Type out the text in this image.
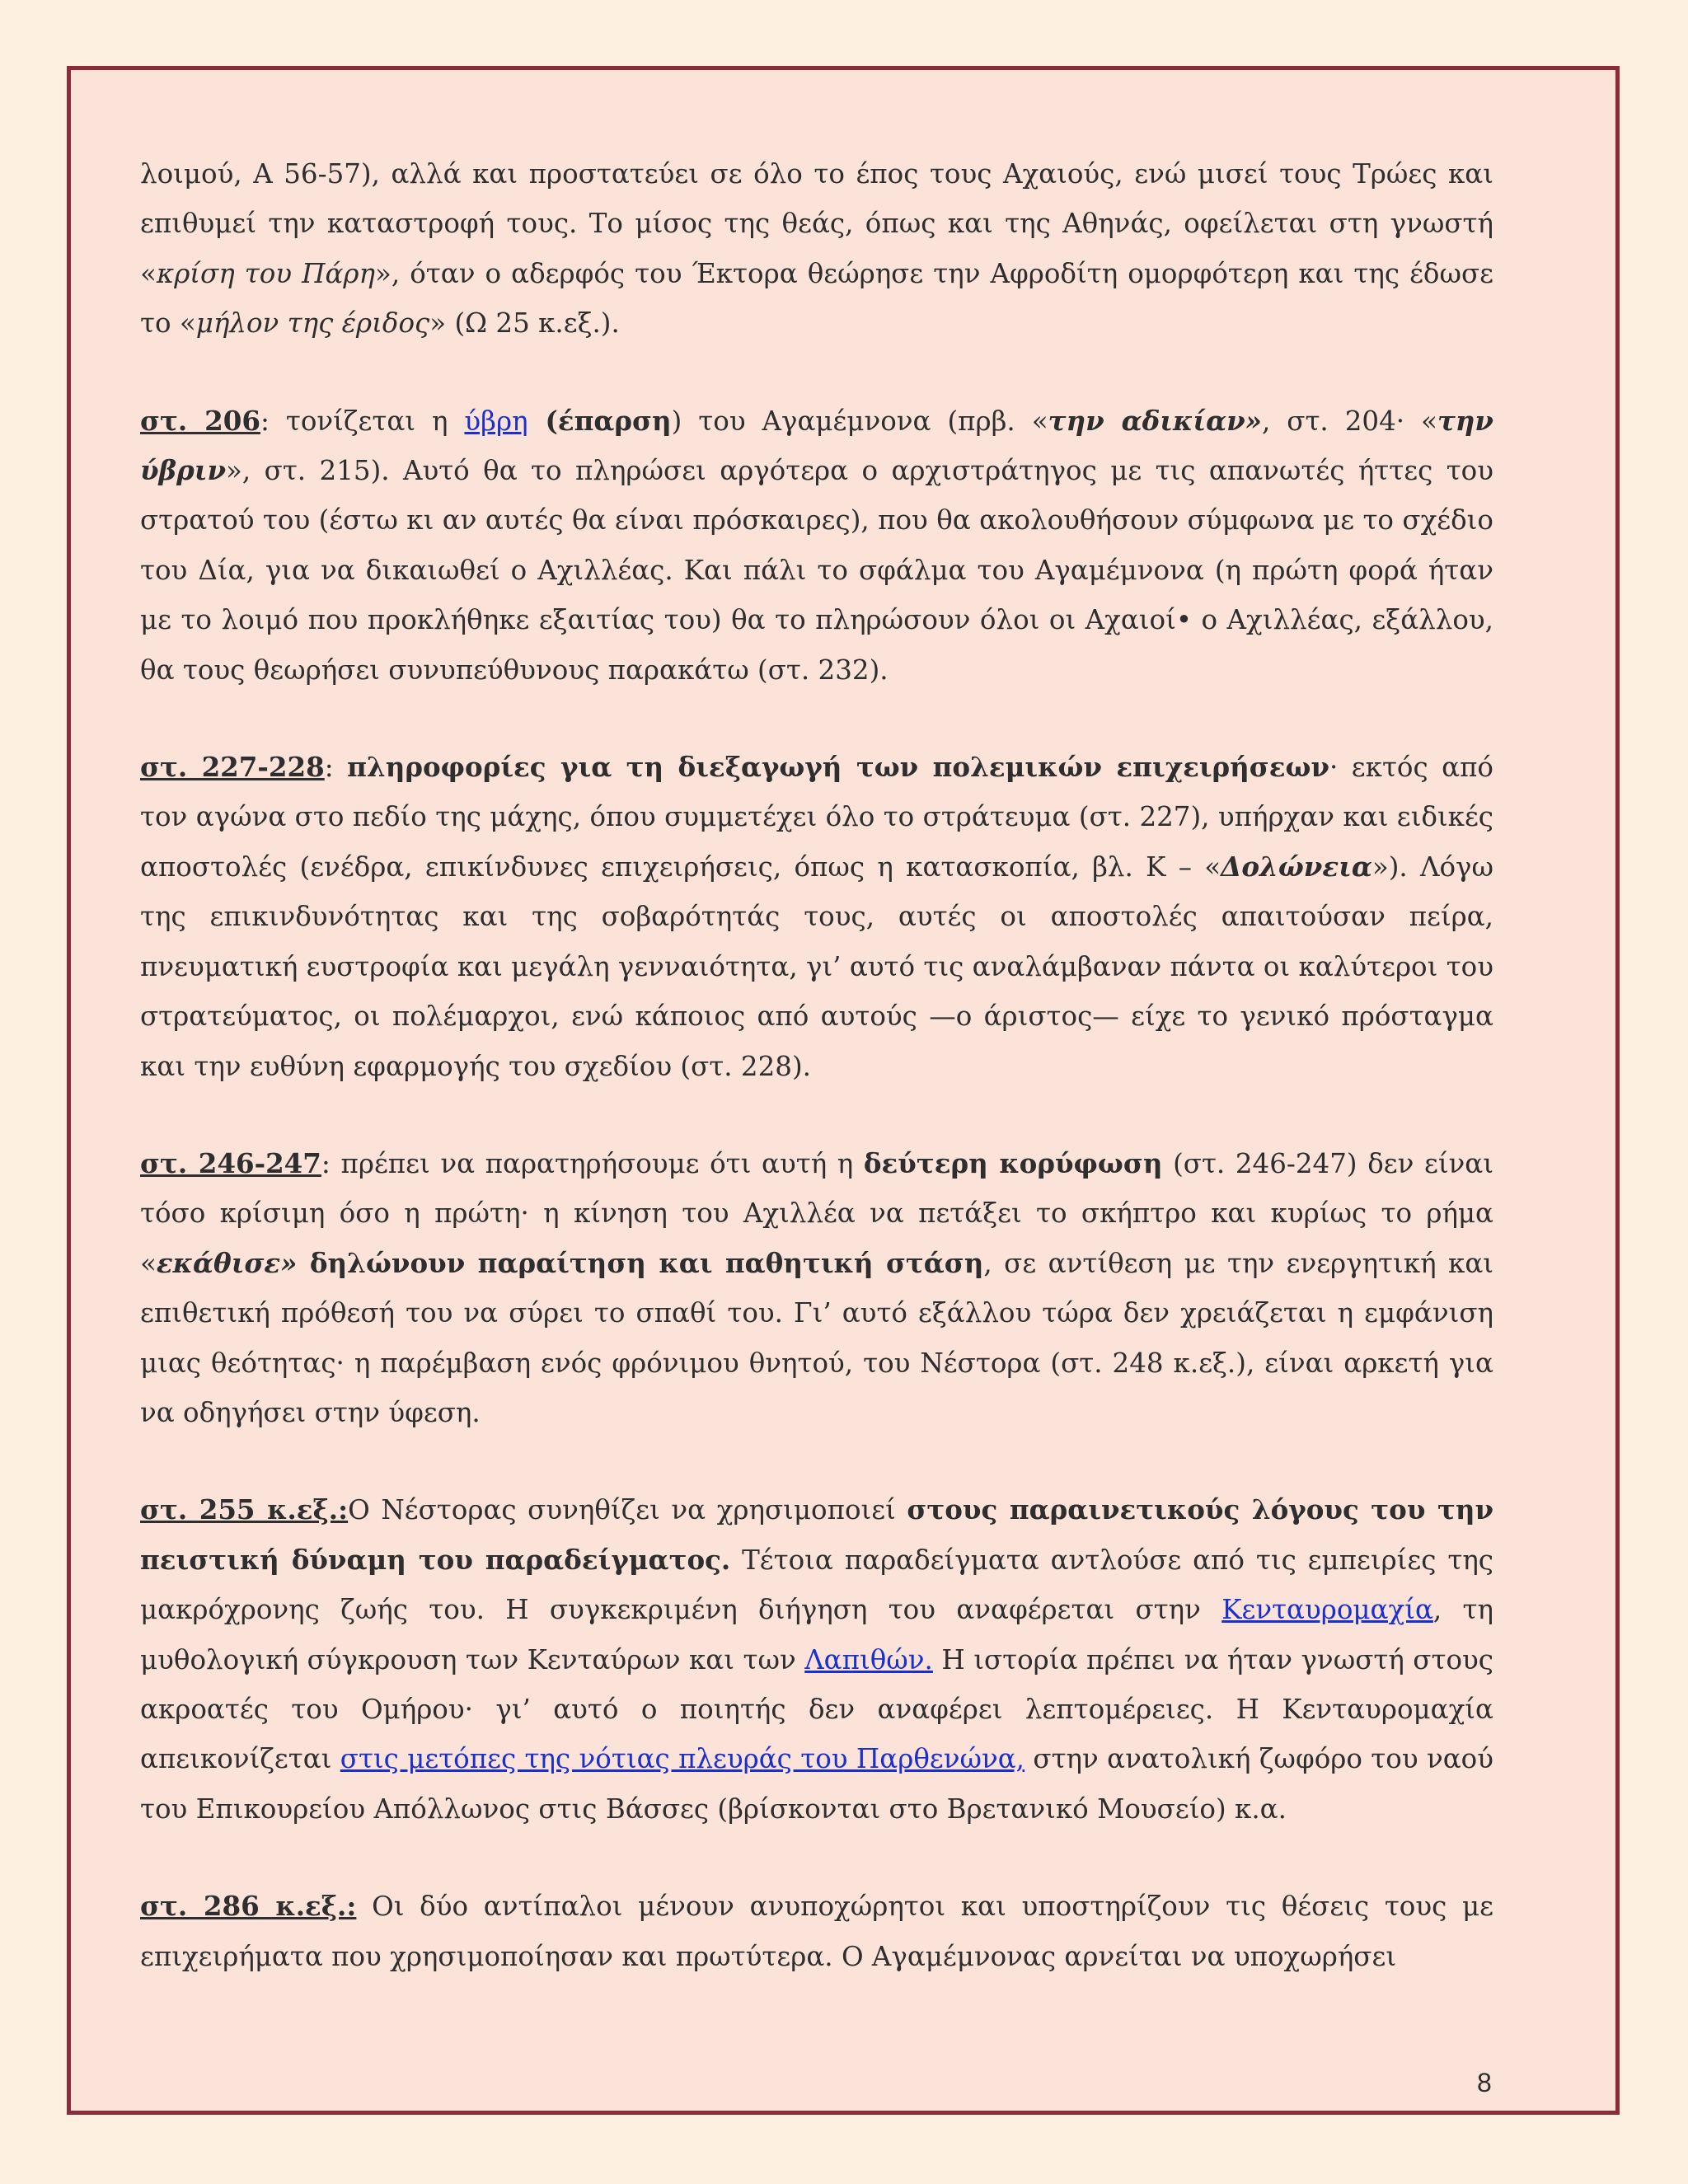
λοιμού, Α 56-57), αλλά και προστατεύει σε όλο το έπος τους Αχαιούς, ενώ μισεί τους Τρώες και επιθυμεί την καταστροφή τους. Το μίσος της θεάς, όπως και της Αθηνάς, οφείλεται στη γνωστή «κρίση του Πάρη», όταν ο αδερφός του Έκτορα θεώρησε την Αφροδίτη ομορφότερη και της έδωσε το «μήλον της έριδος» (Ω 25 κ.εξ.).

στ. 206: τονίζεται η ύβρη (έπαρση) του Αγαμέμνονα (πρβ. «την αδικίαν», στ. 204· «την ύβριν», στ. 215). Αυτό θα το πληρώσει αργότερα ο αρχιστράτηγος με τις απανωτές ήττες του στρατού του (έστω κι αν αυτές θα είναι πρόσκαιρες), που θα ακολουθήσουν σύμφωνα με το σχέδιο του Δία, για να δικαιωθεί ο Αχιλλέας. Και πάλι το σφάλμα του Αγαμέμνονα (η πρώτη φορά ήταν με το λοιμό που προκλήθηκε εξαιτίας του) θα το πληρώσουν όλοι οι Αχαιοί• ο Αχιλλέας, εξάλλου, θα τους θεωρήσει συνυπεύθυνους παρακάτω (στ. 232).

στ. 227-228: πληροφορίες για τη διεξαγωγή των πολεμικών επιχειρήσεων· εκτός από τον αγώνα στο πεδίο της μάχης, όπου συμμετέχει όλο το στράτευμα (στ. 227), υπήρχαν και ειδικές αποστολές (ενέδρα, επικίνδυνες επιχειρήσεις, όπως η κατασκοπία, βλ. Κ – «Δολώνεια»). Λόγω της επικινδυνότητας και της σοβαρότητάς τους, αυτές οι αποστολές απαιτούσαν πείρα, πνευματική ευστροφία και μεγάλη γενναιότητα, γι’ αυτό τις αναλάμβαναν πάντα οι καλύτεροι του στρατεύματος, οι πολέμαρχοι, ενώ κάποιος από αυτούς —ο άριστος— είχε το γενικό πρόσταγμα και την ευθύνη εφαρμογής του σχεδίου (στ. 228).

στ. 246-247: πρέπει να παρατηρήσουμε ότι αυτή η δεύτερη κορύφωση (στ. 246-247) δεν είναι τόσο κρίσιμη όσο η πρώτη· η κίνηση του Αχιλλέα να πετάξει το σκήπτρο και κυρίως το ρήμα «εκάθισε» δηλώνουν παραίτηση και παθητική στάση, σε αντίθεση με την ενεργητική και επιθετική πρόθεσή του να σύρει το σπαθί του. Γι’ αυτό εξάλλου τώρα δεν χρειάζεται η εμφάνιση μιας θεότητας· η παρέμβαση ενός φρόνιμου θνητού, του Νέστορα (στ. 248 κ.εξ.), είναι αρκετή για να οδηγήσει στην ύφεση.

στ. 255 κ.εξ.:Ο Νέστορας συνηθίζει να χρησιμοποιεί στους παραινετικούς λόγους του την πειστική δύναμη του παραδείγματος. Τέτοια παραδείγματα αντλούσε από τις εμπειρίες της μακρόχρονης ζωής του. Η συγκεκριμένη διήγηση του αναφέρεται στην Κενταυρομαχία, τη μυθολογική σύγκρουση των Κενταύρων και των Λαπιθών. Η ιστορία πρέπει να ήταν γνωστή στους ακροατές του Ομήρου· γι’ αυτό ο ποιητής δεν αναφέρει λεπτομέρειες. Η Κενταυρομαχία απεικονίζεται στις μετόπες της νότιας πλευράς του Παρθενώνα, στην ανατολική ζωφόρο του ναού του Επικουρείου Απόλλωνος στις Βάσσες (βρίσκονται στο Βρετανικό Μουσείο) κ.α.

στ. 286 κ.εξ.: Οι δύο αντίπαλοι μένουν ανυποχώρητοι και υποστηρίζουν τις θέσεις τους με επιχειρήματα που χρησιμοποίησαν και πρωτύτερα. Ο Αγαμέμνονας αρνείται να υποχωρήσει

8
